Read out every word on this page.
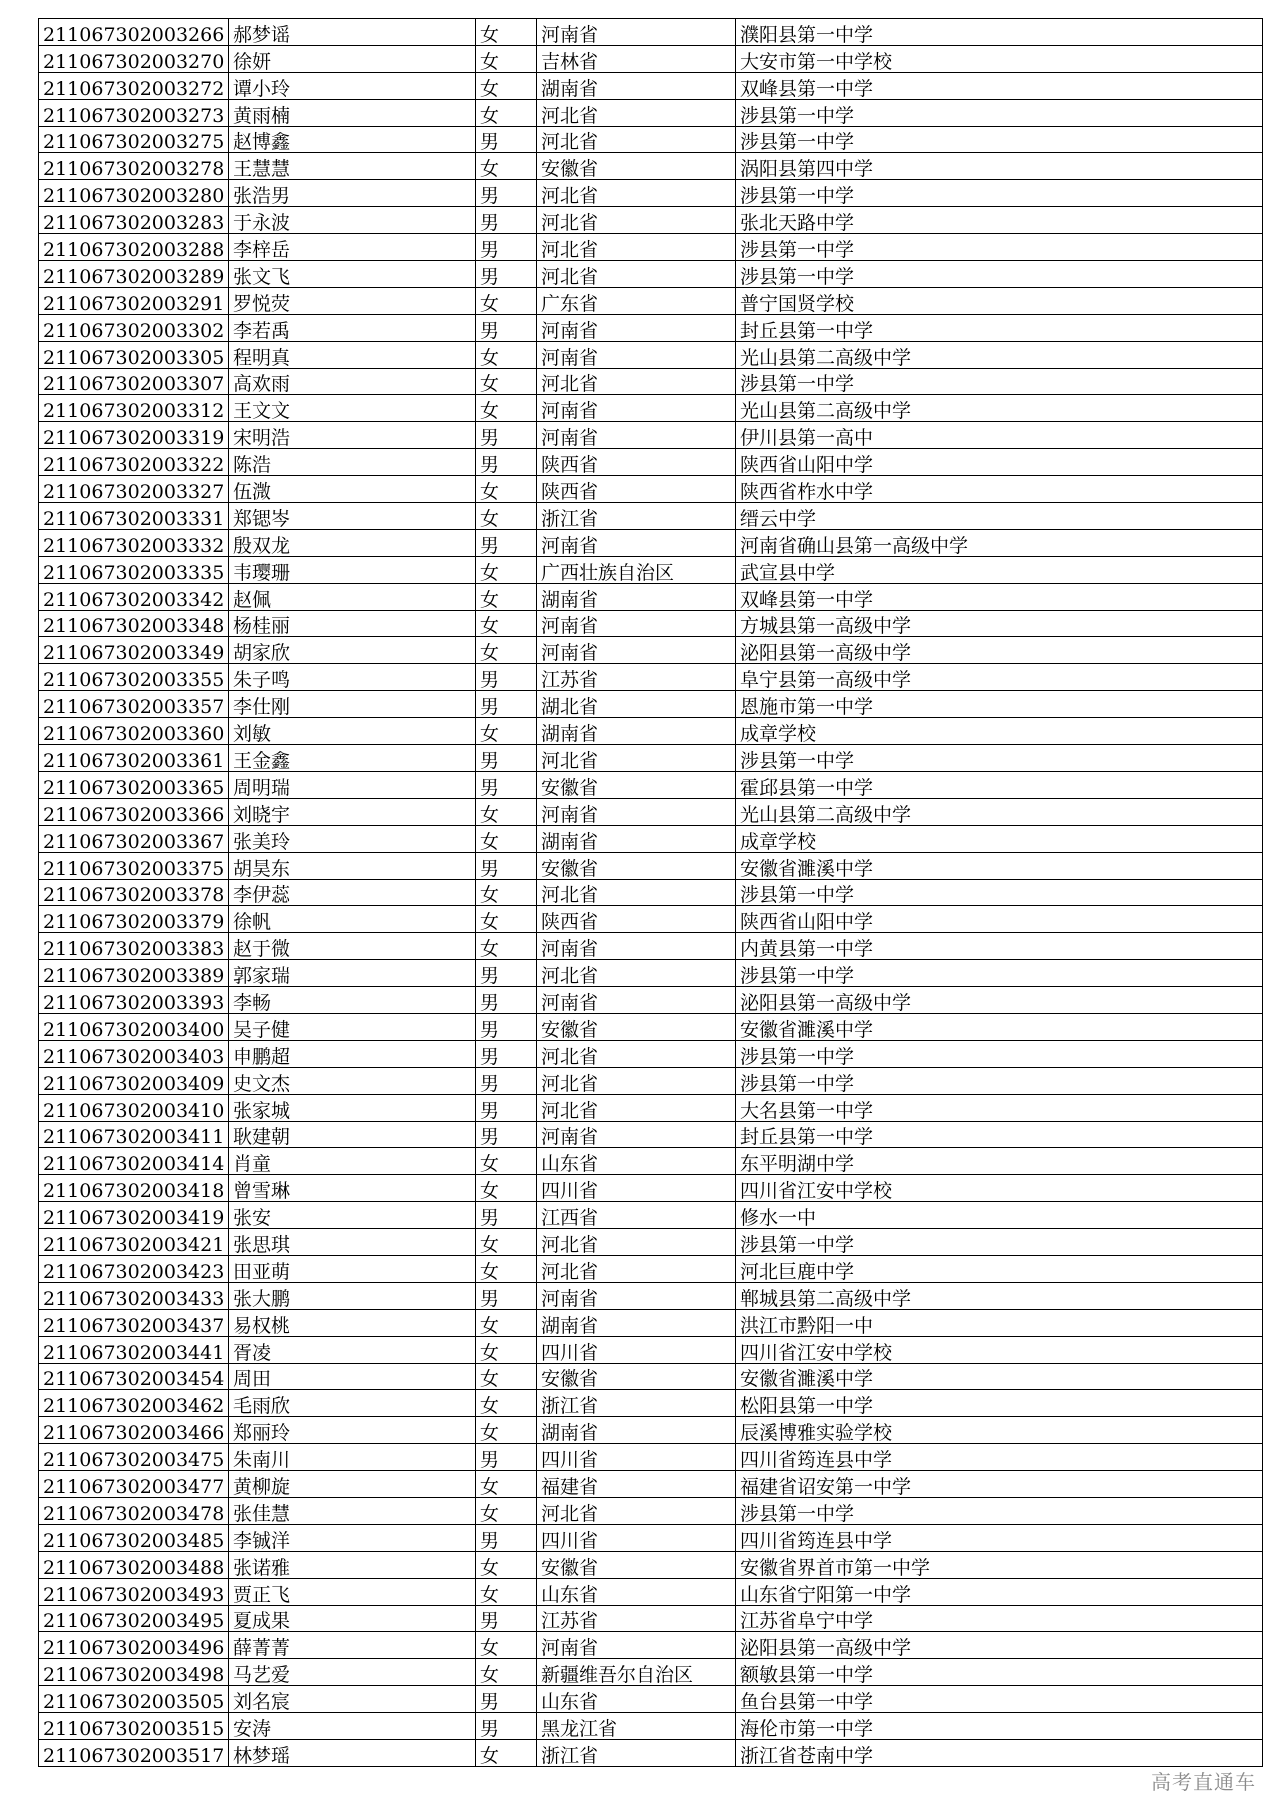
211067302003266	郝梦谣	女	河南省	濮阳县第一中学
211067302003270	徐妍	女	吉林省	大安市第一中学校
211067302003272	谭小玲	女	湖南省	双峰县第一中学
211067302003273	黄雨楠	女	河北省	涉县第一中学
211067302003275	赵博鑫	男	河北省	涉县第一中学
211067302003278	王慧慧	女	安徽省	涡阳县第四中学
211067302003280	张浩男	男	河北省	涉县第一中学
211067302003283	于永波	男	河北省	张北天路中学
211067302003288	李梓岳	男	河北省	涉县第一中学
211067302003289	张文飞	男	河北省	涉县第一中学
211067302003291	罗悦荧	女	广东省	普宁国贤学校
211067302003302	李若禹	男	河南省	封丘县第一中学
211067302003305	程明真	女	河南省	光山县第二高级中学
211067302003307	高欢雨	女	河北省	涉县第一中学
211067302003312	王文文	女	河南省	光山县第二高级中学
211067302003319	宋明浩	男	河南省	伊川县第一高中
211067302003322	陈浩	男	陕西省	陕西省山阳中学
211067302003327	伍溦	女	陕西省	陕西省柞水中学
211067302003331	郑锶岑	女	浙江省	缙云中学
211067302003332	殷双龙	男	河南省	河南省确山县第一高级中学
211067302003335	韦璎珊	女	广西壮族自治区	武宣县中学
211067302003342	赵佩	女	湖南省	双峰县第一中学
211067302003348	杨桂丽	女	河南省	方城县第一高级中学
211067302003349	胡家欣	女	河南省	泌阳县第一高级中学
211067302003355	朱子鸣	男	江苏省	阜宁县第一高级中学
211067302003357	李仕刚	男	湖北省	恩施市第一中学
211067302003360	刘敏	女	湖南省	成章学校
211067302003361	王金鑫	男	河北省	涉县第一中学
211067302003365	周明瑞	男	安徽省	霍邱县第一中学
211067302003366	刘晓宇	女	河南省	光山县第二高级中学
211067302003367	张美玲	女	湖南省	成章学校
211067302003375	胡昊东	男	安徽省	安徽省濉溪中学
211067302003378	李伊蕊	女	河北省	涉县第一中学
211067302003379	徐帆	女	陕西省	陕西省山阳中学
211067302003383	赵于微	女	河南省	内黄县第一中学
211067302003389	郭家瑞	男	河北省	涉县第一中学
211067302003393	李畅	男	河南省	泌阳县第一高级中学
211067302003400	吴子健	男	安徽省	安徽省濉溪中学
211067302003403	申鹏超	男	河北省	涉县第一中学
211067302003409	史文杰	男	河北省	涉县第一中学
211067302003410	张家城	男	河北省	大名县第一中学
211067302003411	耿建朝	男	河南省	封丘县第一中学
211067302003414	肖童	女	山东省	东平明湖中学
211067302003418	曾雪琳	女	四川省	四川省江安中学校
211067302003419	张安	男	江西省	修水一中
211067302003421	张思琪	女	河北省	涉县第一中学
211067302003423	田亚萌	女	河北省	河北巨鹿中学
211067302003433	张大鹏	男	河南省	郸城县第二高级中学
211067302003437	易权桃	女	湖南省	洪江市黔阳一中
211067302003441	胥凌	女	四川省	四川省江安中学校
211067302003454	周田	女	安徽省	安徽省濉溪中学
211067302003462	毛雨欣	女	浙江省	松阳县第一中学
211067302003466	郑丽玲	女	湖南省	辰溪博雅实验学校
211067302003475	朱南川	男	四川省	四川省筠连县中学
211067302003477	黄柳旋	女	福建省	福建省诏安第一中学
211067302003478	张佳慧	女	河北省	涉县第一中学
211067302003485	李铖洋	男	四川省	四川省筠连县中学
211067302003488	张诺雅	女	安徽省	安徽省界首市第一中学
211067302003493	贾正飞	女	山东省	山东省宁阳第一中学
211067302003495	夏成果	男	江苏省	江苏省阜宁中学
211067302003496	薛菁菁	女	河南省	泌阳县第一高级中学
211067302003498	马艺爱	女	新疆维吾尔自治区	额敏县第一中学
211067302003505	刘名宸	男	山东省	鱼台县第一中学
211067302003515	安涛	男	黑龙江省	海伦市第一中学
211067302003517	林梦瑶	女	浙江省	浙江省苍南中学
高考直通车
